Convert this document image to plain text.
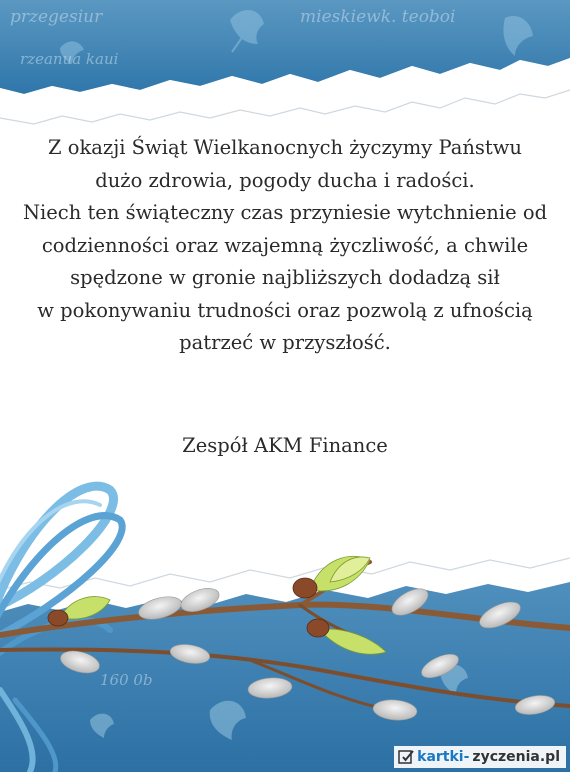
przegesiur	mieskiewk. teoboi
rzeanua kaui
Z okazji Świąt Wielkanocnych życzymy Państwu
dużo zdrowia, pogody ducha i radości.
Niech ten świąteczny czas przyniesie wytchnienie od
codzienności oraz wzajemną życzliwość, a chwile
spędzone w gronie najbliższych dodadzą sił
w pokonywaniu trudności oraz pozwolą z ufnością
patrzeć w przyszłość.
Zespół AKM Finance
160 0b
kartki- zyczenia.pl
